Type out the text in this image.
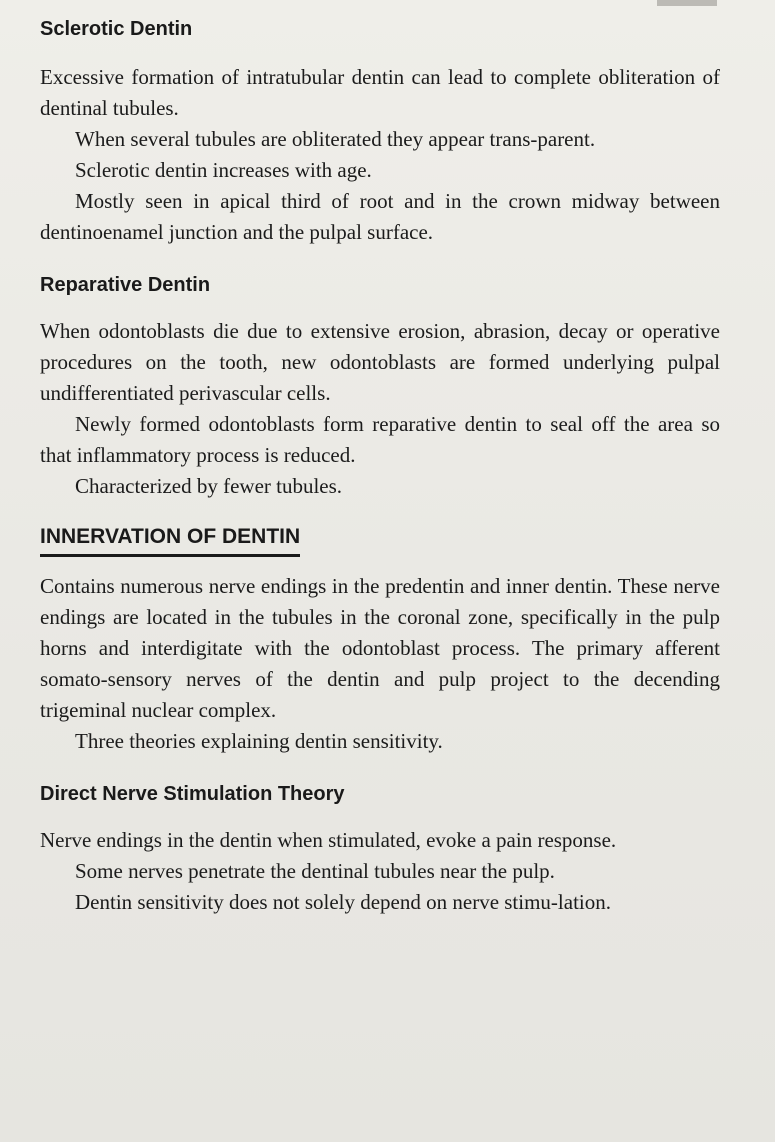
Sclerotic Dentin

Excessive formation of intratubular dentin can lead to complete obliteration of dentinal tubules.

When several tubules are obliterated they appear trans-parent.

Sclerotic dentin increases with age.

Mostly seen in apical third of root and in the crown midway between dentinoenamel junction and the pulpal surface.

Reparative Dentin

When odontoblasts die due to extensive erosion, abrasion, decay or operative procedures on the tooth, new odontoblasts are formed underlying pulpal undifferentiated perivascular cells.

Newly formed odontoblasts form reparative dentin to seal off the area so that inflammatory process is reduced.

Characterized by fewer tubules.

INNERVATION OF DENTIN

Contains numerous nerve endings in the predentin and inner dentin. These nerve endings are located in the tubules in the coronal zone, specifically in the pulp horns and interdigitate with the odontoblast process. The primary afferent somato-sensory nerves of the dentin and pulp project to the decending trigeminal nuclear complex.

Three theories explaining dentin sensitivity.

Direct Nerve Stimulation Theory

Nerve endings in the dentin when stimulated, evoke a pain response.

Some nerves penetrate the dentinal tubules near the pulp.

Dentin sensitivity does not solely depend on nerve stimu-lation.
